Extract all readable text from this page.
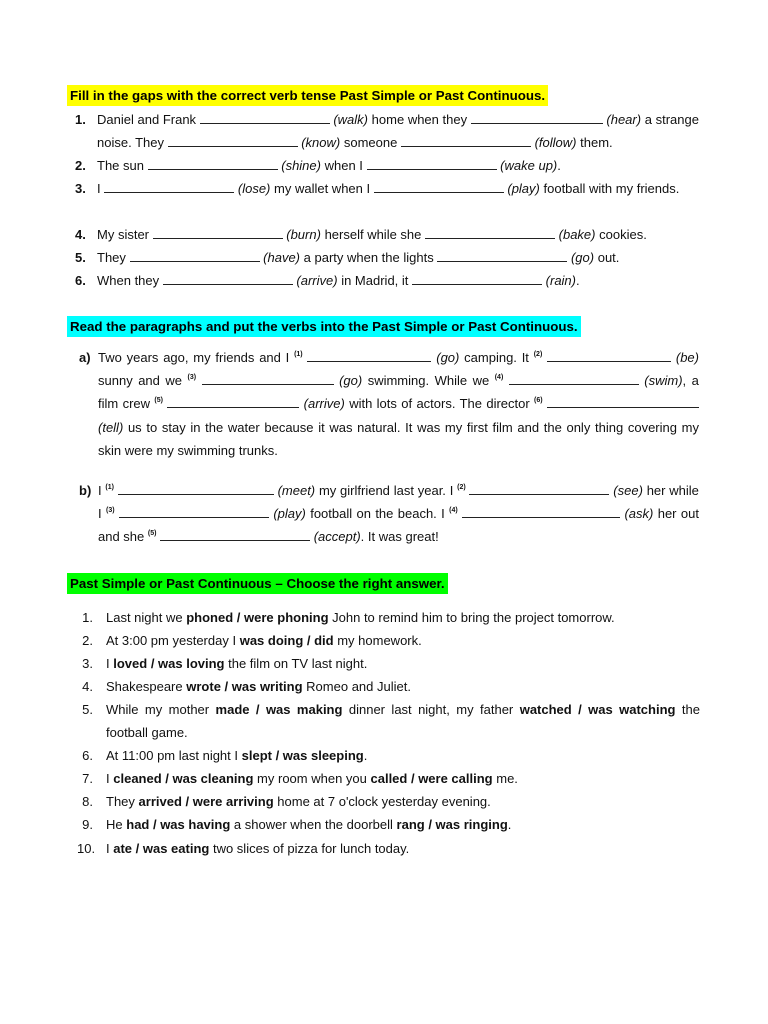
Fill in the gaps with the correct verb tense Past Simple or Past Continuous.
1. Daniel and Frank	(walk) home when they	(hear) a strange noise. They	(know) someone	(follow) them.
2. The sun	(shine) when I	(wake up).
3. I	(lose) my wallet when I	(play) football with my friends.
4. My sister	(burn) herself while she	(bake) cookies.
5. They	(have) a party when the lights	(go) out.
6. When they	(arrive) in Madrid, it	(rain).
Read the paragraphs and put the verbs into the Past Simple or Past Continuous.
a) Two years ago, my friends and I $^{(1)}$	(go) camping. It $^{(2)}$	(be) sunny and we $^{(3)}$	(go) swimming. While we $^{(4)}$	(swim), a film crew $^{(5)}$	(arrive) with lots of actors. The director $^{(6)}$  (tell) us to stay in the water because it was natural. It was my first film and the only thing covering my skin were my swimming trunks.
b) I $^{(1)}$	(meet) my girlfriend last year. I $^{(2)}$	(see) her while I $^{(3)}$	(play) football on the beach. I $^{(4)}$	(ask) her out and she $^{(5)}$	(accept). It was great!
Past Simple or Past Continuous – Choose the right answer.
1. Last night we phoned / were phoning John to remind him to bring the project tomorrow.
2. At 3:00 pm yesterday I was doing / did my homework.
3. I loved / was loving the film on TV last night.
4. Shakespeare wrote / was writing Romeo and Juliet.
5. While my mother made / was making dinner last night, my father watched / was watching the football game.
6. At 11:00 pm last night I slept / was sleeping.
7. I cleaned / was cleaning my room when you called / were calling me.
8. They arrived / were arriving home at 7 o'clock yesterday evening.
9. He had / was having a shower when the doorbell rang / was ringing.
10. I ate / was eating two slices of pizza for lunch today.
